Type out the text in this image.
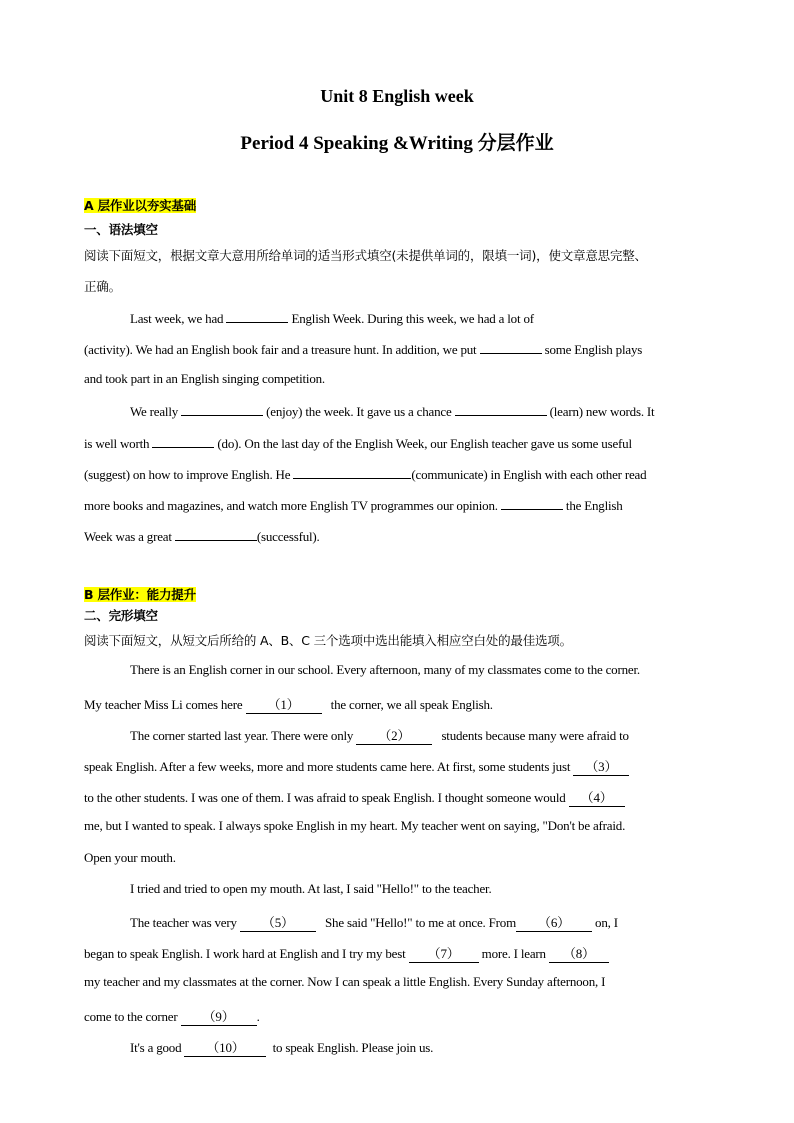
Unit 8 English week
Period 4 Speaking &Writing 分层作业
A 层作业以夯实基础
一、语法填空
阅读下面短文，根据文章大意用所给单词的适当形式填空(未提供单词的，限填一词)，使文章意思完整、
正确。
Last week, we had	English Week. During this week, we had a lot of
(activity). We had an English book fair and a treasure hunt. In addition, we put	some English plays
and took part in an English singing competition.
We really	(enjoy) the week. It gave us a chance	(learn) new words. It
is well worth	(do). On the last day of the English Week, our English teacher gave us some useful
(suggest) on how to improve English. He	(communicate) in English with each other read
more books and magazines, and watch more English TV programmes our opinion.	the English
Week was a great	(successful).
B 层作业：能力提升
二、完形填空
阅读下面短文，从短文后所给的 A、B、C 三个选项中选出能填入相应空白处的最佳选项。
There is an English corner in our school. Every afternoon, many of my classmates come to the corner.
My teacher Miss Li comes here （1） the corner, we all speak English.
The corner started last year. There were only （2） students because many were afraid to
speak English. After a few weeks, more and more students came here. At first, some students just （3）
to the other students. I was one of them. I was afraid to speak English. I thought someone would （4）
me, but I wanted to speak. I always spoke English in my heart. My teacher went on saying, "Don't be afraid.
Open your mouth.
I tried and tried to open my mouth. At last, I said "Hello!" to the teacher.
The teacher was very （5） She said "Hello!" to me at once. From （6） on, I
began to speak English. I work hard at English and I try my best （7） more. I learn （8）
my teacher and my classmates at the corner. Now I can speak a little English. Every Sunday afternoon, I
come to the corner （9） .
It's a good （10） to speak English. Please join us.
